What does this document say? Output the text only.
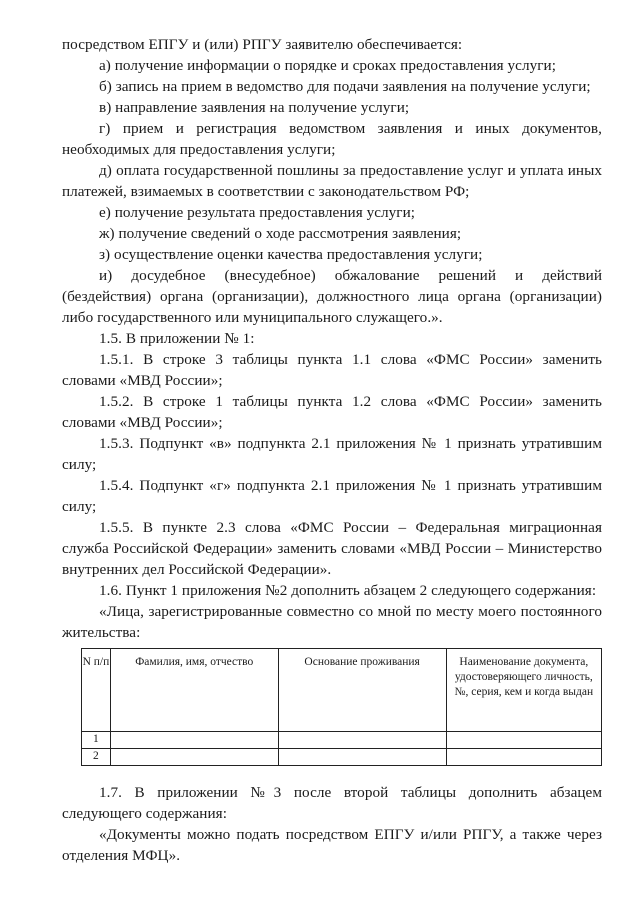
посредством ЕПГУ и (или) РПГУ заявителю обеспечивается:
а) получение информации о порядке и сроках предоставления услуги;
б) запись на прием в ведомство для подачи заявления на получение услуги;
в) направление заявления на получение услуги;
г) прием и регистрация ведомством заявления и иных документов,
необходимых для предоставления услуги;
д) оплата государственной пошлины за предоставление услуг и уплата иных
платежей, взимаемых в соответствии с законодательством РФ;
е) получение результата предоставления услуги;
ж) получение сведений о ходе рассмотрения заявления;
з) осуществление оценки качества предоставления услуги;
и) досудебное (внесудебное) обжалование решений и действий
(бездействия) органа (организации), должностного лица органа (организации)
либо государственного или муниципального служащего.».
1.5. В приложении № 1:
1.5.1. В строке 3 таблицы пункта 1.1 слова «ФМС России» заменить
словами «МВД России»;
1.5.2. В строке 1 таблицы пункта 1.2 слова «ФМС России» заменить
словами «МВД России»;
1.5.3. Подпункт «в» подпункта 2.1 приложения № 1 признать утратившим
силу;
1.5.4. Подпункт «г» подпункта 2.1 приложения № 1 признать утратившим
силу;
1.5.5. В пункте 2.3 слова «ФМС России – Федеральная миграционная
служба Российской Федерации» заменить словами «МВД России – Министерство
внутренних дел Российской Федерации».
1.6. Пункт 1 приложения №2 дополнить абзацем 2 следующего содержания:
«Лица, зарегистрированные совместно со мной по месту моего постоянного
жительства:
N п/п	Фамилия, имя, отчество	Основание проживания	Наименование документа, удостоверяющего личность, №, серия, кем и когда выдан
1			
2			
1.7. В приложении №3 после второй таблицы дополнить абзацем
следующего содержания:
«Документы можно подать посредством ЕПГУ и/или РПГУ, а также через
отделения МФЦ».
